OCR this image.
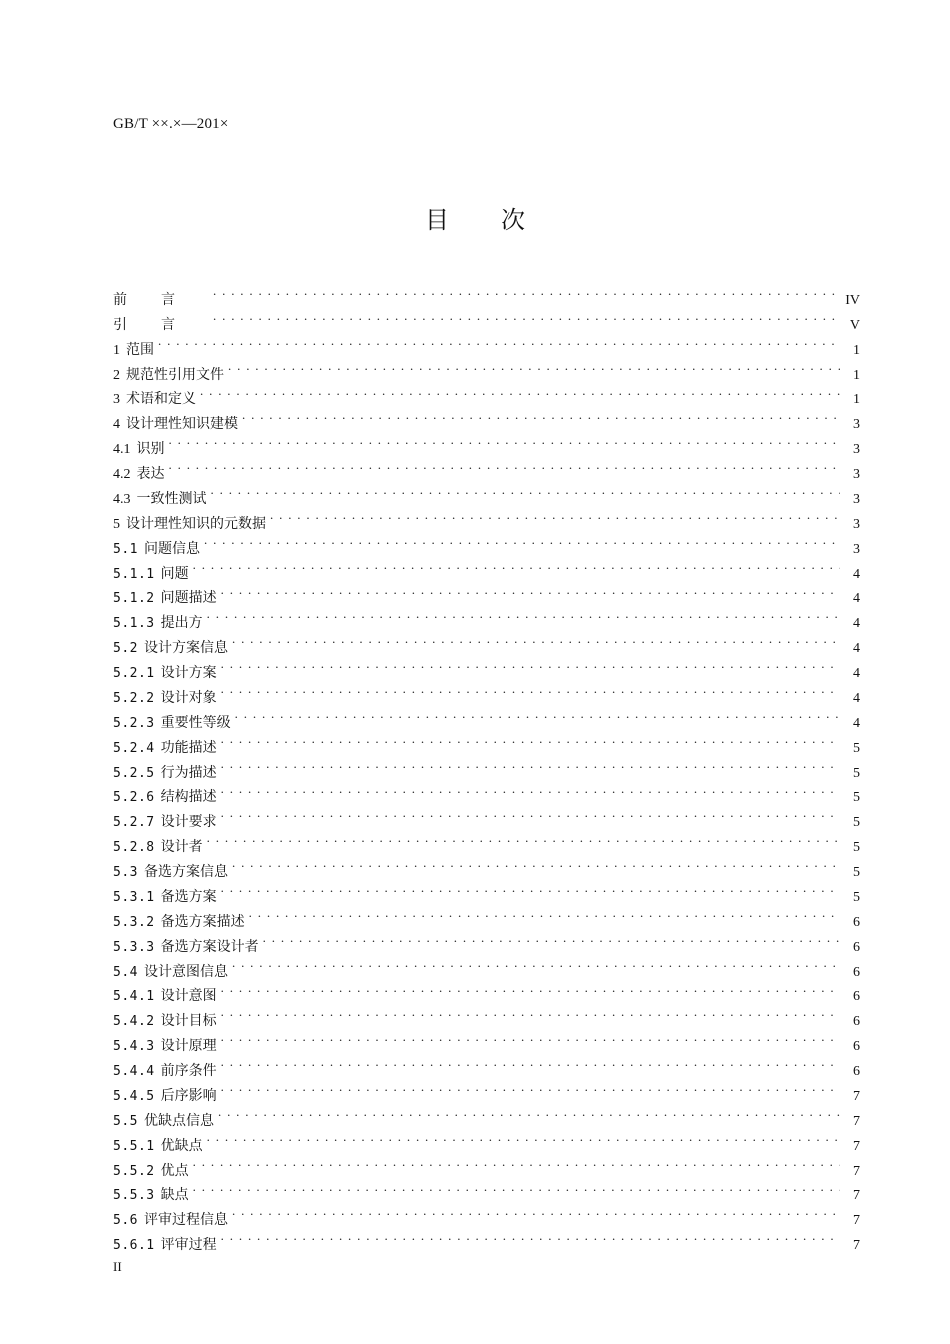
GB/T ××.×—201×
目 次
前言 . . .	IV
引言 . . .	V
1 范围 . . .	1
2 规范性引用文件 . . .	1
3 术语和定义 . . .	1
4 设计理性知识建模 . . .	3
4.1 识别 . . .	3
4.2 表达 . . .	3
4.3 一致性测试 . . .	3
5 设计理性知识的元数据 . . .	3
5.1 问题信息 . . .	3
5.1.1 问题 . . .	4
5.1.2 问题描述 . . .	4
5.1.3 提出方 . . .	4
5.2 设计方案信息 . . .	4
5.2.1 设计方案 . . .	4
5.2.2 设计对象 . . .	4
5.2.3 重要性等级 . . .	4
5.2.4 功能描述 . . .	5
5.2.5 行为描述 . . .	5
5.2.6 结构描述 . . .	5
5.2.7 设计要求 . . .	5
5.2.8 设计者 . . .	5
5.3 备选方案信息 . . .	5
5.3.1 备选方案 . . .	5
5.3.2 备选方案描述 . . .	6
5.3.3 备选方案设计者 . . .	6
5.4 设计意图信息 . . .	6
5.4.1 设计意图 . . .	6
5.4.2 设计目标 . . .	6
5.4.3 设计原理 . . .	6
5.4.4 前序条件 . . .	6
5.4.5 后序影响 . . .	7
5.5 优缺点信息 . . .	7
5.5.1 优缺点 . . .	7
5.5.2 优点 . . .	7
5.5.3 缺点 . . .	7
5.6 评审过程信息 . . .	7
5.6.1 评审过程 . . .	7
II
